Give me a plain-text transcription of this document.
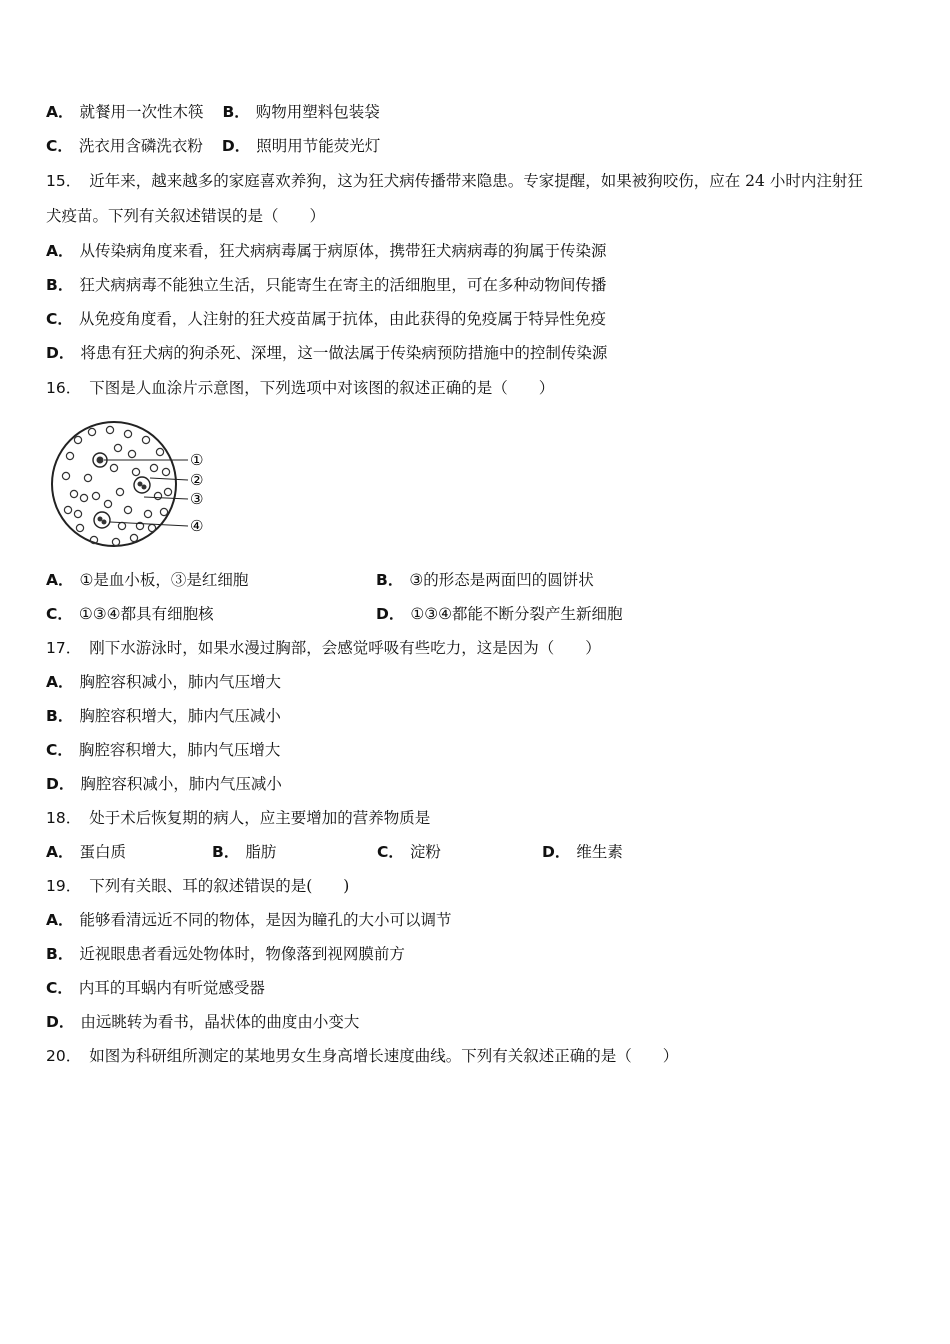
A． 就餐用一次性木筷 B． 购物用塑料包装袋
C． 洗衣用含磷洗衣粉 D． 照明用节能荧光灯
15． 近年来，越来越多的家庭喜欢养狗，这为狂犬病传播带来隐患。专家提醒，如果被狗咬伤，应在 24 小时内注射狂
犬疫苗。下列有关叙述错误的是（　　）
A． 从传染病角度来看，狂犬病病毒属于病原体，携带狂犬病病毒的狗属于传染源
B． 狂犬病病毒不能独立生活，只能寄生在寄主的活细胞里，可在多种动物间传播
C． 从免疫角度看，人注射的狂犬疫苗属于抗体，由此获得的免疫属于特异性免疫
D． 将患有狂犬病的狗杀死、深埋，这一做法属于传染病预防措施中的控制传染源
16． 下图是人血涂片示意图，下列选项中对该图的叙述正确的是（　　）
①
②
③
④
A． ①是血小板，③是红细胞	B． ③的形态是两面凹的圆饼状
C． ①③④都具有细胞核	D． ①③④都能不断分裂产生新细胞
17． 刚下水游泳时，如果水漫过胸部，会感觉呼吸有些吃力，这是因为（　　）
A． 胸腔容积减小，肺内气压增大
B． 胸腔容积增大，肺内气压减小
C． 胸腔容积增大，肺内气压增大
D． 胸腔容积减小，肺内气压减小
18． 处于术后恢复期的病人，应主要增加的营养物质是
A． 蛋白质	B． 脂肪	C． 淀粉	D． 维生素
19． 下列有关眼、耳的叙述错误的是(　　)
A． 能够看清远近不同的物体，是因为瞳孔的大小可以调节
B． 近视眼患者看远处物体时，物像落到视网膜前方
C． 内耳的耳蜗内有听觉感受器
D． 由远眺转为看书，晶状体的曲度由小变大
20． 如图为科研组所测定的某地男女生身高增长速度曲线。下列有关叙述正确的是（　　）
